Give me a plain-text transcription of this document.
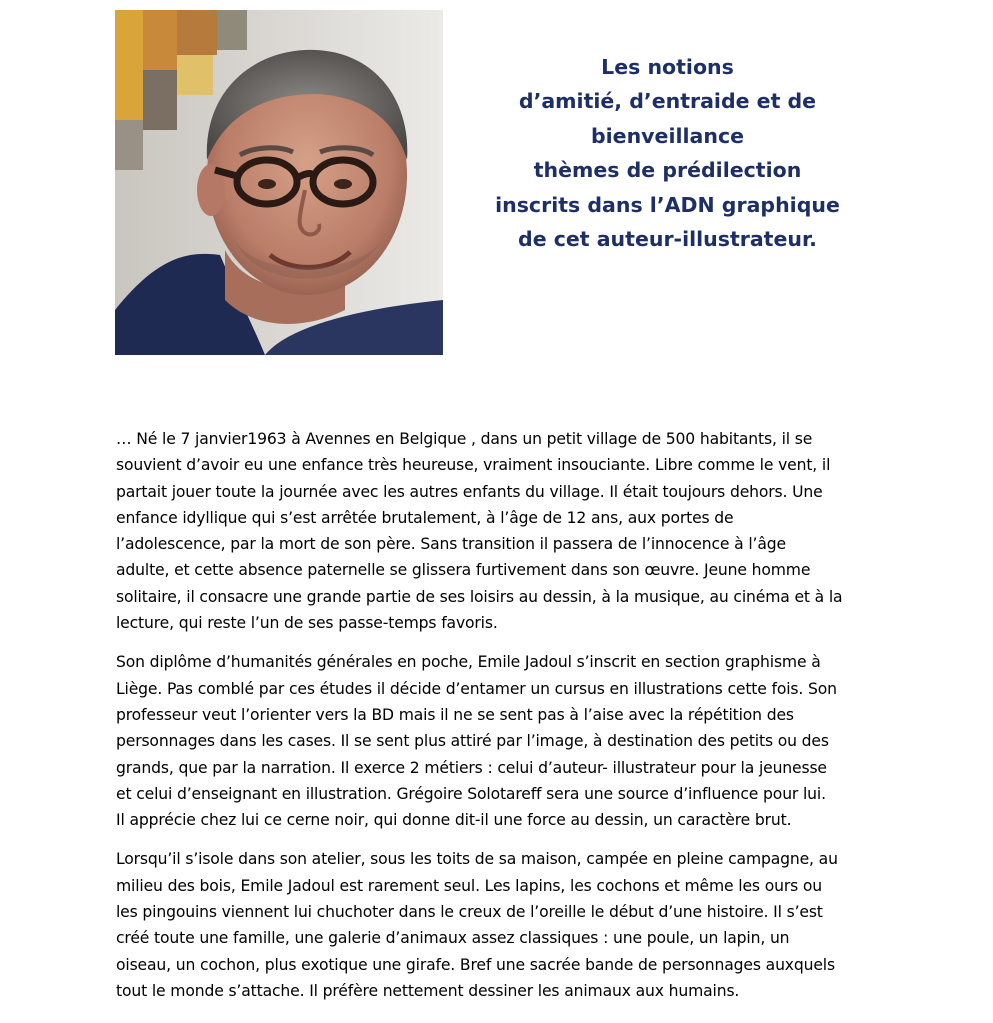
Les notions
d’amitié, d’entraide et de
bienveillance
thèmes de prédilection
inscrits dans l’ADN graphique
de cet auteur-illustrateur.

… Né le 7 janvier1963 à Avennes en Belgique , dans un petit village de 500 habitants, il se
souvient d’avoir eu une enfance très heureuse, vraiment insouciante. Libre comme le vent, il
partait jouer toute la journée avec les autres enfants du village. Il était toujours dehors. Une
enfance idyllique qui s’est arrêtée brutalement, à l’âge de 12 ans, aux portes de
l’adolescence, par la mort de son père. Sans transition il passera de l’innocence à l’âge
adulte, et cette absence paternelle se glissera furtivement dans son œuvre. Jeune homme
solitaire, il consacre une grande partie de ses loisirs au dessin, à la musique, au cinéma et à la
lecture, qui reste l’un de ses passe-temps favoris.

Son diplôme d’humanités générales en poche, Emile Jadoul s’inscrit en section graphisme à
Liège. Pas comblé par ces études il décide d’entamer un cursus en illustrations cette fois. Son
professeur veut l’orienter vers la BD mais il ne se sent pas à l’aise avec la répétition des
personnages dans les cases. Il se sent plus attiré par l’image, à destination des petits ou des
grands, que par la narration. Il exerce 2 métiers : celui d’auteur- illustrateur pour la jeunesse
et celui d’enseignant en illustration. Grégoire Solotareff sera une source d’influence pour lui.
Il apprécie chez lui ce cerne noir, qui donne dit-il une force au dessin, un caractère brut.

Lorsqu’il s’isole dans son atelier, sous les toits de sa maison, campée en pleine campagne, au
milieu des bois, Emile Jadoul est rarement seul. Les lapins, les cochons et même les ours ou
les pingouins viennent lui chuchoter dans le creux de l’oreille le début d’une histoire. Il s’est
créé toute une famille, une galerie d’animaux assez classiques : une poule, un lapin, un
oiseau, un cochon, plus exotique une girafe. Bref une sacrée bande de personnages auxquels
tout le monde s’attache. Il préfère nettement dessiner les animaux aux humains.
